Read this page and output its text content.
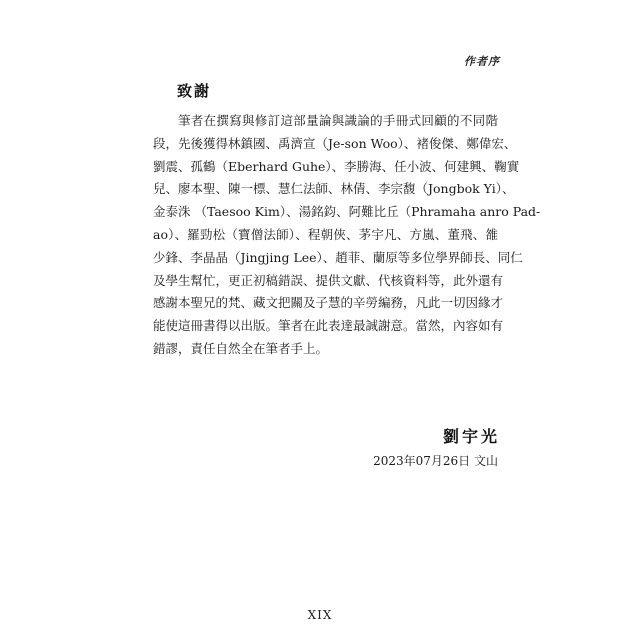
作者序
致謝
筆者在撰寫與修訂這部量論與識論的手冊式回顧的不同階
段，先後獲得林鎮國、禹濟宣（Je-son Woo）、褚俊傑、鄭偉宏、
劉震、孤鶴（Eberhard Guhe）、李勝海、任小波、何建興、鞠實
兒、廖本聖、陳一標、慧仁法師、林倩、李宗馥（Jongbok Yi）、
金泰洙 （Taesoo Kim）、湯銘鈞、阿難比丘（Phramaha anro Pad-
ao）、羅勁松（寶僧法師）、程朝俠、茅宇凡、方嵐、董飛、雒
少鋒、李晶晶（Jingjing Lee）、趙菲、蘭原等多位學界師長、同仁
及學生幫忙，更正初稿錯誤、提供文獻、代核資料等，此外還有
感謝本聖兄的梵、藏文把關及子慧的辛勞編務，凡此一切因緣才
能使這冊書得以出版。筆者在此表達最誠謝意。當然，內容如有
錯謬，責任自然全在筆者手上。
劉宇光
2023年07月26日 文山
XIX
